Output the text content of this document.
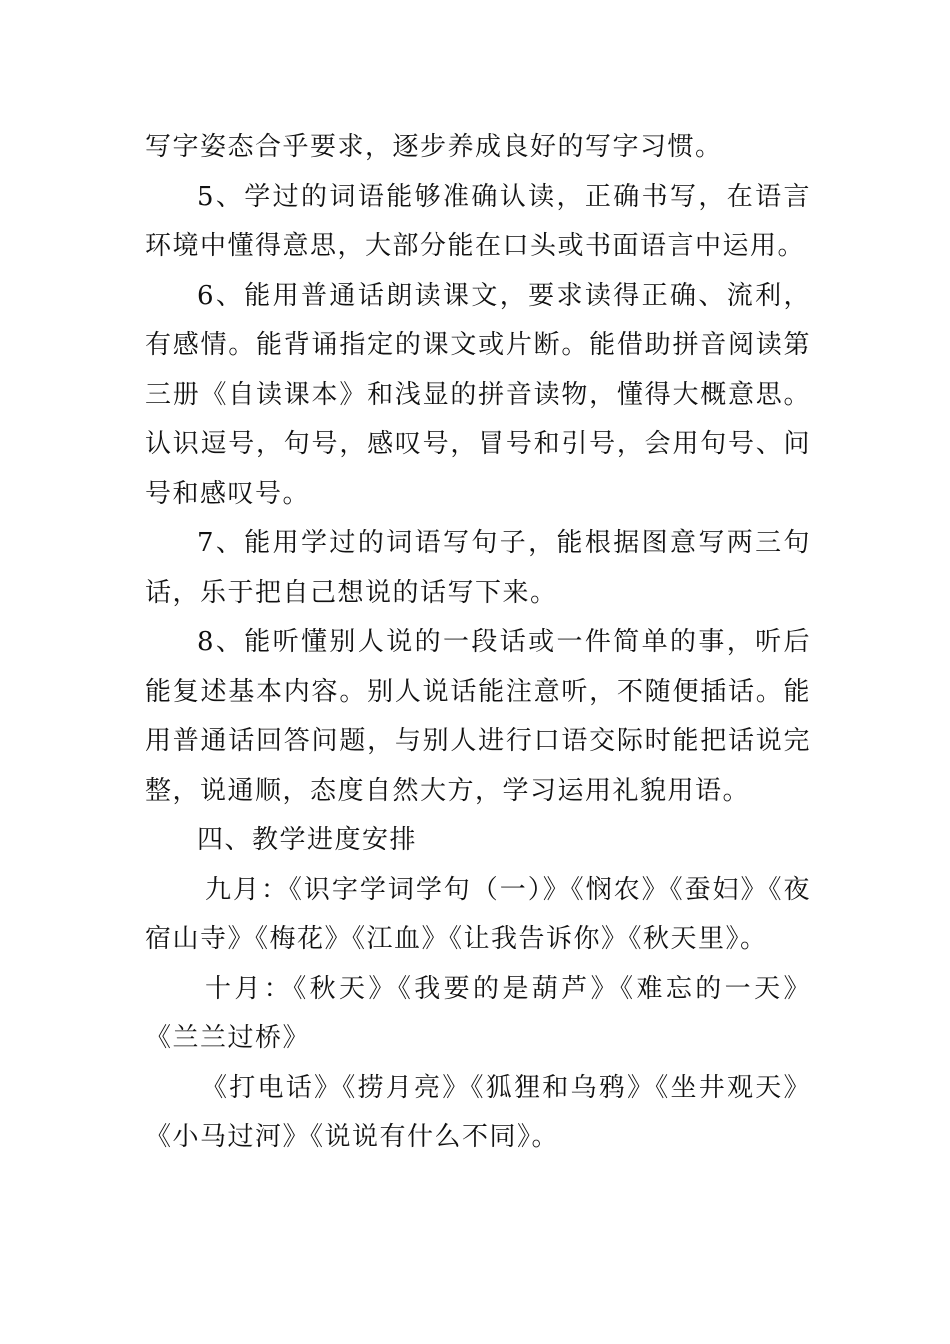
写字姿态合乎要求，逐步养成良好的写字习惯。

5、学过的词语能够准确认读，正确书写，在语言环境中懂得意思，大部分能在口头或书面语言中运用。

6、能用普通话朗读课文，要求读得正确、流利，有感情。能背诵指定的课文或片断。能借助拼音阅读第三册《自读课本》和浅显的拼音读物，懂得大概意思。认识逗号，句号，感叹号，冒号和引号，会用句号、问号和感叹号。

7、能用学过的词语写句子，能根据图意写两三句话，乐于把自己想说的话写下来。

8、能听懂别人说的一段话或一件简单的事，听后能复述基本内容。别人说话能注意听，不随便插话。能用普通话回答问题，与别人进行口语交际时能把话说完整，说通顺，态度自然大方，学习运用礼貌用语。

四、教学进度安排

九月：《识字学词学句（一）》《悯农》《蚕妇》《夜宿山寺》《梅花》《江血》《让我告诉你》《秋天里》。

十月：《秋天》《我要的是葫芦》《难忘的一天》《兰兰过桥》

《打电话》《捞月亮》《狐狸和乌鸦》《坐井观天》《小马过河》《说说有什么不同》。
